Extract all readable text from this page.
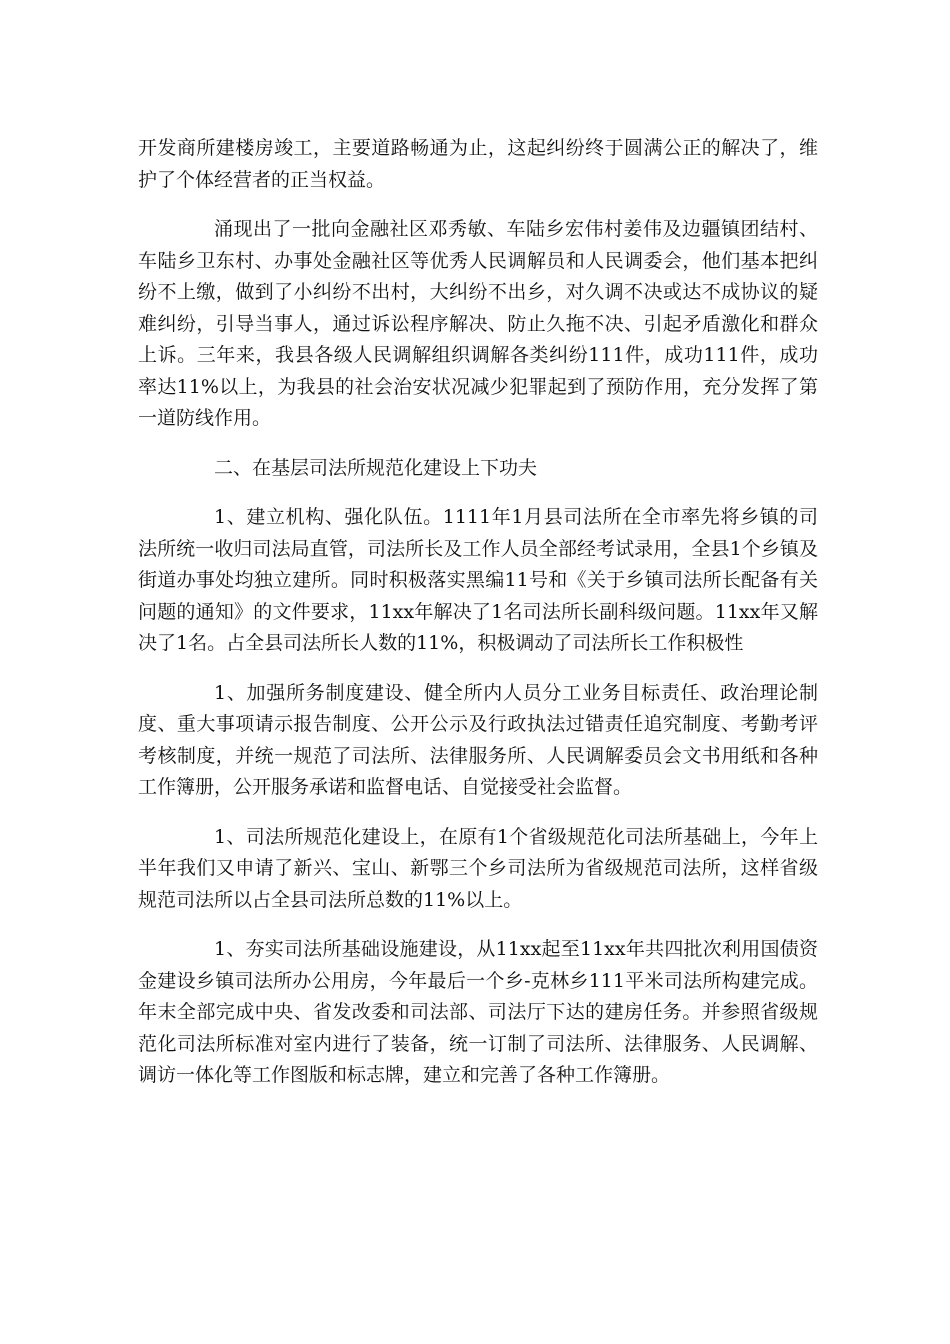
开发商所建楼房竣工，主要道路畅通为止，这起纠纷终于圆满公正的解决了，维护了个体经营者的正当权益。

涌现出了一批向金融社区邓秀敏、车陆乡宏伟村姜伟及边疆镇团结村、车陆乡卫东村、办事处金融社区等优秀人民调解员和人民调委会，他们基本把纠纷不上缴，做到了小纠纷不出村，大纠纷不出乡，对久调不决或达不成协议的疑难纠纷，引导当事人，通过诉讼程序解决、防止久拖不决、引起矛盾激化和群众上诉。三年来，我县各级人民调解组织调解各类纠纷111件，成功111件，成功率达11%以上，为我县的社会治安状况减少犯罪起到了预防作用，充分发挥了第一道防线作用。

二、在基层司法所规范化建设上下功夫

1、建立机构、强化队伍。1111年1月县司法所在全市率先将乡镇的司法所统一收归司法局直管，司法所长及工作人员全部经考试录用，全县1个乡镇及街道办事处均独立建所。同时积极落实黑编11号和《关于乡镇司法所长配备有关问题的通知》的文件要求，11xx年解决了1名司法所长副科级问题。11xx年又解决了1名。占全县司法所长人数的11%，积极调动了司法所长工作积极性

1、加强所务制度建设、健全所内人员分工业务目标责任、政治理论制度、重大事项请示报告制度、公开公示及行政执法过错责任追究制度、考勤考评考核制度，并统一规范了司法所、法律服务所、人民调解委员会文书用纸和各种工作簿册，公开服务承诺和监督电话、自觉接受社会监督。

1、司法所规范化建设上，在原有1个省级规范化司法所基础上，今年上半年我们又申请了新兴、宝山、新鄂三个乡司法所为省级规范司法所，这样省级规范司法所以占全县司法所总数的11%以上。

1、夯实司法所基础设施建设，从11xx起至11xx年共四批次利用国债资金建设乡镇司法所办公用房，今年最后一个乡-克林乡111平米司法所构建完成。年末全部完成中央、省发改委和司法部、司法厅下达的建房任务。并参照省级规范化司法所标准对室内进行了装备，统一订制了司法所、法律服务、人民调解、调访一体化等工作图版和标志牌，建立和完善了各种工作簿册。
